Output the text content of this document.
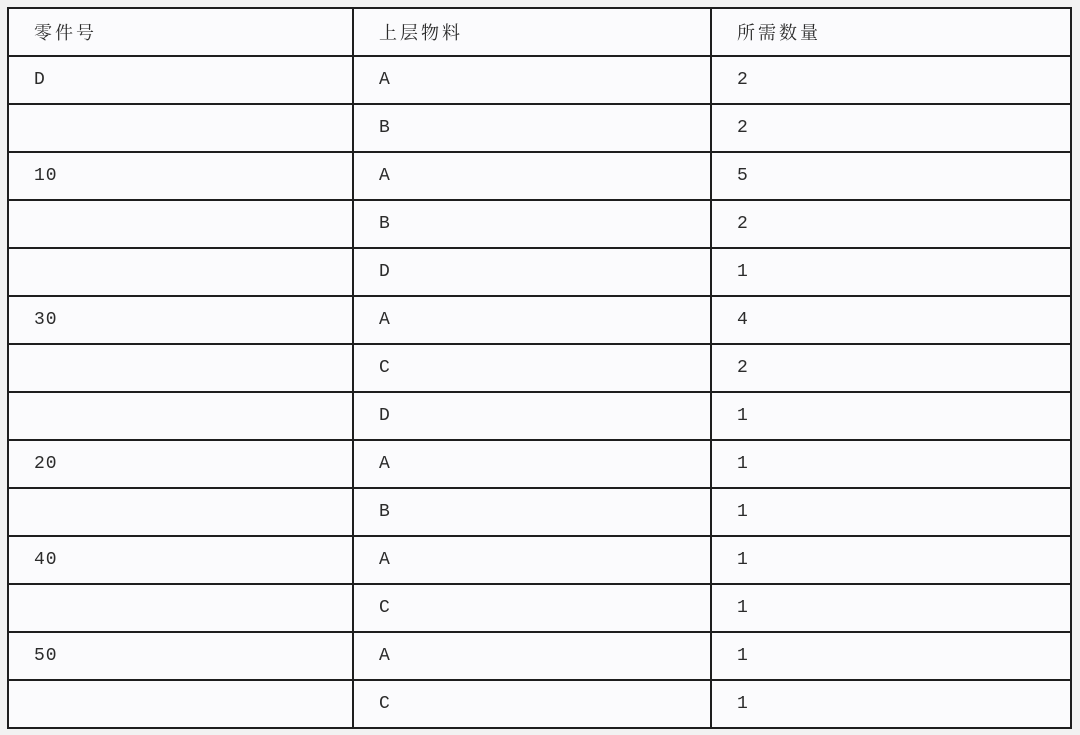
零件号	上层物料	所需数量
D	A	2
	B	2
10	A	5
	B	2
	D	1
30	A	4
	C	2
	D	1
20	A	1
	B	1
40	A	1
	C	1
50	A	1
	C	1
